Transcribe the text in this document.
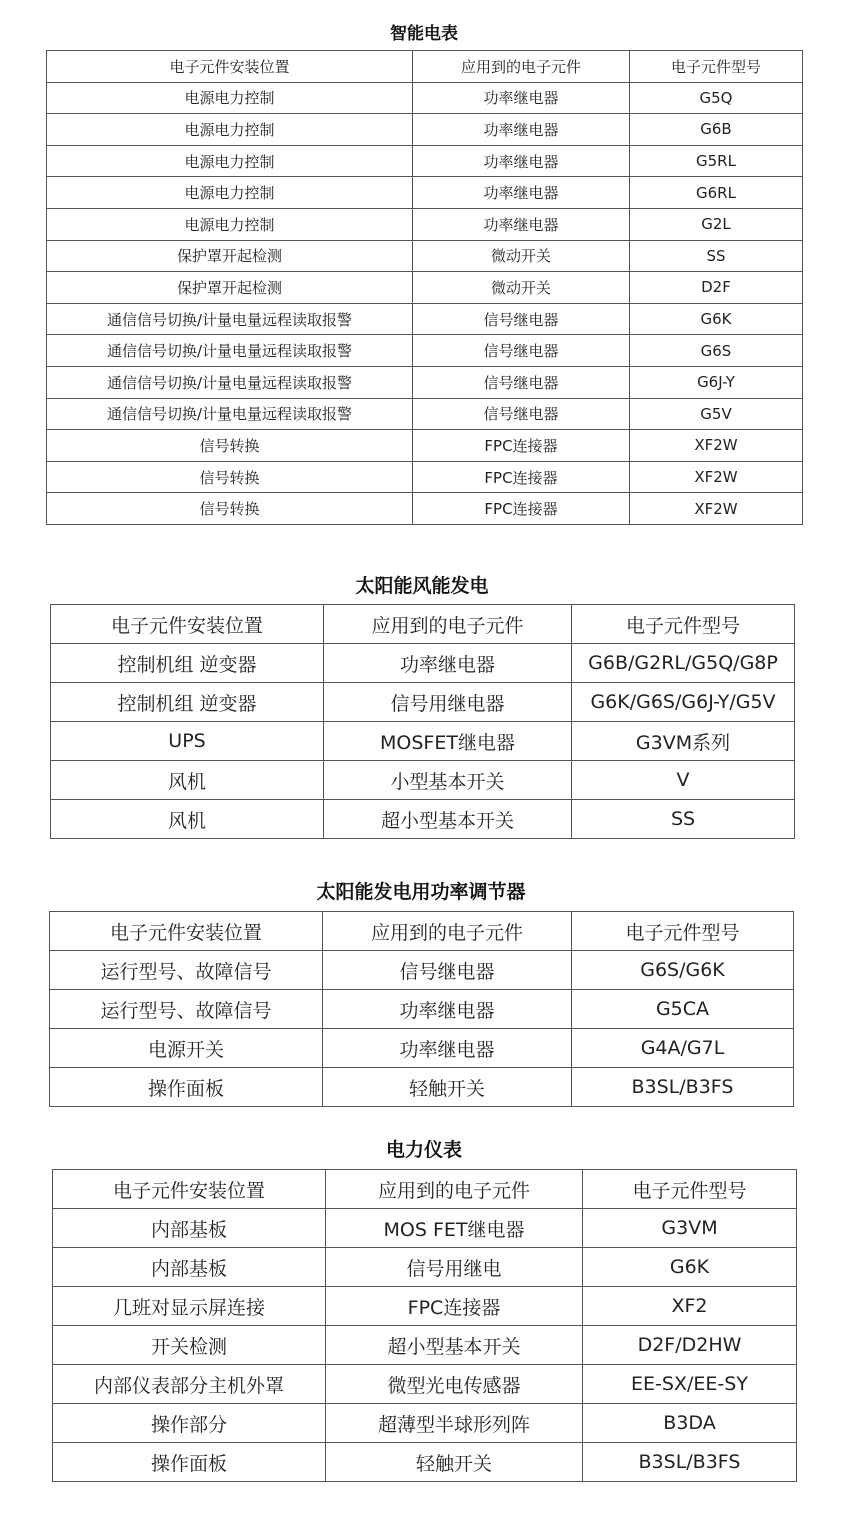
智能电表
电子元件安装位置	应用到的电子元件	电子元件型号
电源电力控制	功率继电器	G5Q
电源电力控制	功率继电器	G6B
电源电力控制	功率继电器	G5RL
电源电力控制	功率继电器	G6RL
电源电力控制	功率继电器	G2L
保护罩开起检测	微动开关	SS
保护罩开起检测	微动开关	D2F
通信信号切换/计量电量远程读取报警	信号继电器	G6K
通信信号切换/计量电量远程读取报警	信号继电器	G6S
通信信号切换/计量电量远程读取报警	信号继电器	G6J-Y
通信信号切换/计量电量远程读取报警	信号继电器	G5V
信号转换	FPC连接器	XF2W
信号转换	FPC连接器	XF2W
信号转换	FPC连接器	XF2W
太阳能风能发电
电子元件安装位置	应用到的电子元件	电子元件型号
控制机组 逆变器	功率继电器	G6B/G2RL/G5Q/G8P
控制机组 逆变器	信号用继电器	G6K/G6S/G6J-Y/G5V
UPS	MOSFET继电器	G3VM系列
风机	小型基本开关	V
风机	超小型基本开关	SS
太阳能发电用功率调节器
电子元件安装位置	应用到的电子元件	电子元件型号
运行型号、故障信号	信号继电器	G6S/G6K
运行型号、故障信号	功率继电器	G5CA
电源开关	功率继电器	G4A/G7L
操作面板	轻触开关	B3SL/B3FS
电力仪表
电子元件安装位置	应用到的电子元件	电子元件型号
内部基板	MOS FET继电器	G3VM
内部基板	信号用继电	G6K
几班对显示屏连接	FPC连接器	XF2
开关检测	超小型基本开关	D2F/D2HW
内部仪表部分主机外罩	微型光电传感器	EE-SX/EE-SY
操作部分	超薄型半球形列阵	B3DA
操作面板	轻触开关	B3SL/B3FS
